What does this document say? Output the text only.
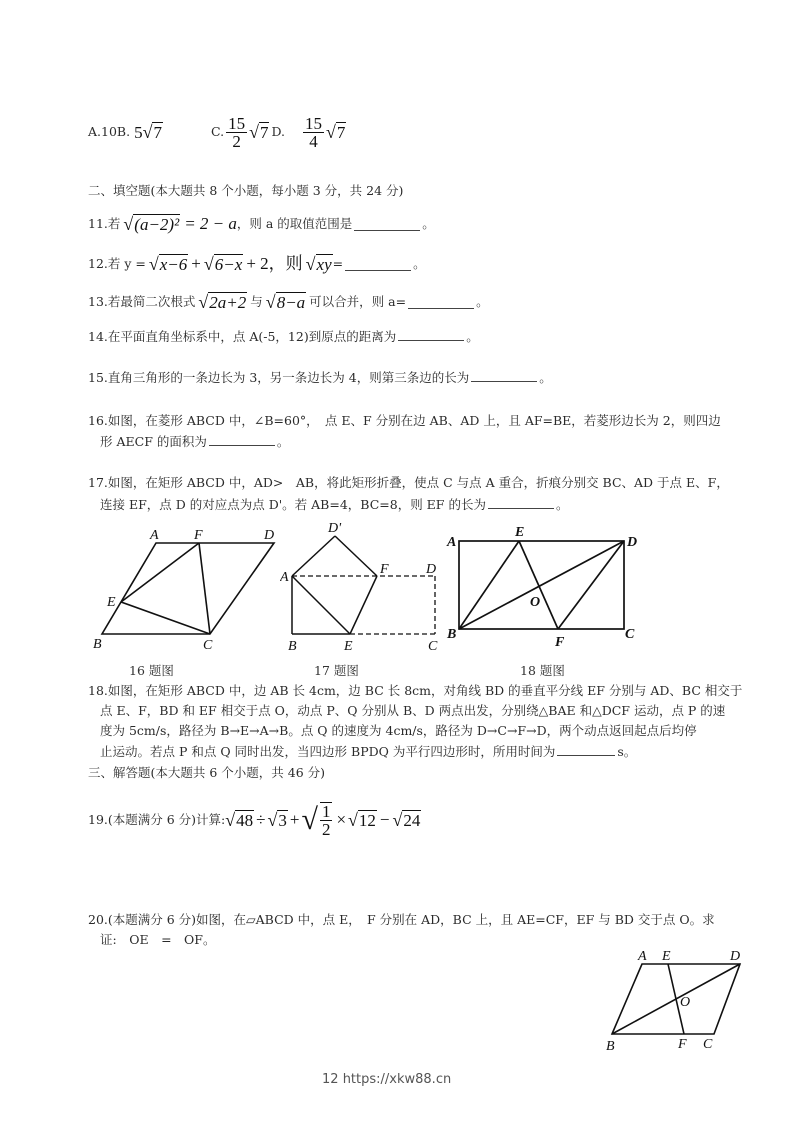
A.10 B. 5√7	C. $\frac{15}{2} √7$ D. $\frac{15}{4} √7$
二、填空题(本大题共 8 个小题，每小题 3 分，共 24 分)
11. 若 √(a−2)² = 2 − a ，则 a 的取值范围是	。
12. 若 y = √x−6 + √6−x + 2，则 √xy =	。
13. 若最简二次根式 √2a+2 与 √8−a 可以合并，则 a=	。
14.在平面直角坐标系中，点 A(-5，12)到原点的距离为	。
15.直角三角形的一条边长为 3，另一条边长为 4，则第三条边的长为	。
16.如图，在菱形 ABCD 中，∠B=60°，　点 E、F 分别在边 AB、AD 上，且 AF=BE，若菱形边长为 2，则四边
形 AECF 的面积为	。
17.如图，在矩形 ABCD 中，AD>　AB，将此矩形折叠，使点 C 与点 A 重合，折痕分别交 BC、AD 于点 E、F，
连接 EF，点 D 的对应点为点 D'。若 AB=4，BC=8，则 EF 的长为	。
A	F	D
E
B	C
16 题图
D'
A
F	D
B	E	C
17 题图
A
E
D
O
B
F
C
18 题图
18.如图，在矩形 ABCD 中，边 AB 长 4cm，边 BC 长 8cm，对角线 BD 的垂直平分线 EF 分别与 AD、BC 相交于
点 E、F，BD 和 EF 相交于点 O，动点 P、Q 分别从 B、D 两点出发，分别绕△BAE 和△DCF 运动，点 P 的速
度为 5cm/s，路径为 B→E→A→B。点 Q 的速度为 4cm/s，路径为 D→C→F→D，两个动点返回起点后均停
止运动。若点 P 和点 Q 同时出发，当四边形 BPDQ 为平行四边形时，所用时间为	s。
三、解答题(本大题共 6 个小题，共 46 分)
19.(本题满分 6 分)计算: √48 ÷ √3 + √ $\frac{1}{2} \times √12 - √24$
20.(本题满分 6 分)如图，在▱ABCD 中，点 E，　F 分别在 AD，BC 上，且 AE=CF，EF 与 BD 交于点 O。求
证:　OE　=　OF。
A E	D
O
B	F C
12 https://xkw88.cn
